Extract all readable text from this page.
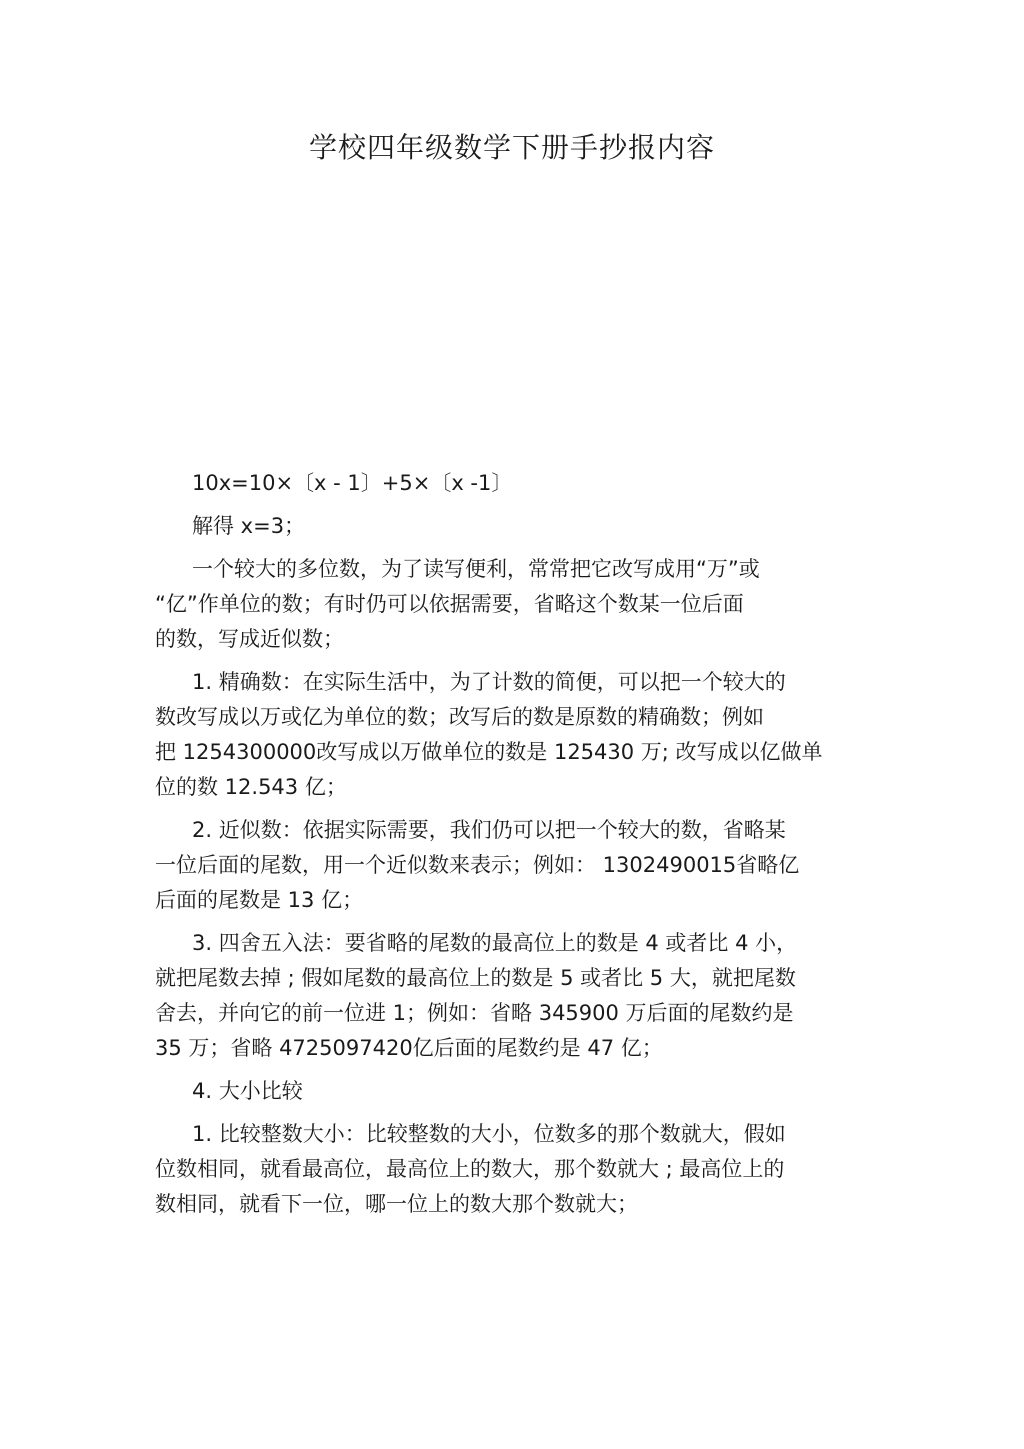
学校四年级数学下册手抄报内容
10x=10×〔x - 1〕+5×〔x -1〕
解得 x=3；
一个较大的多位数，为了读写便利，常常把它改写成用“万”或
“亿”作单位的数；有时仍可以依据需要，省略这个数某一位后面
的数，写成近似数；
1. 精确数：在实际生活中，为了计数的简便，可以把一个较大的
数改写成以万或亿为单位的数；改写后的数是原数的精确数；例如
把 1254300000改写成以万做单位的数是 125430 万; 改写成以亿做单
位的数 12.543 亿；
2. 近似数：依据实际需要，我们仍可以把一个较大的数，省略某
一位后面的尾数，用一个近似数来表示；例如： 1302490015省略亿
后面的尾数是 13 亿；
3. 四舍五入法：要省略的尾数的最高位上的数是 4 或者比 4 小，
就把尾数去掉 ; 假如尾数的最高位上的数是 5 或者比 5 大，就把尾数
舍去，并向它的前一位进 1；例如：省略 345900 万后面的尾数约是
35 万；省略 4725097420亿后面的尾数约是 47 亿；
4. 大小比较
1. 比较整数大小：比较整数的大小，位数多的那个数就大，假如
位数相同，就看最高位，最高位上的数大，那个数就大 ; 最高位上的
数相同，就看下一位，哪一位上的数大那个数就大；
